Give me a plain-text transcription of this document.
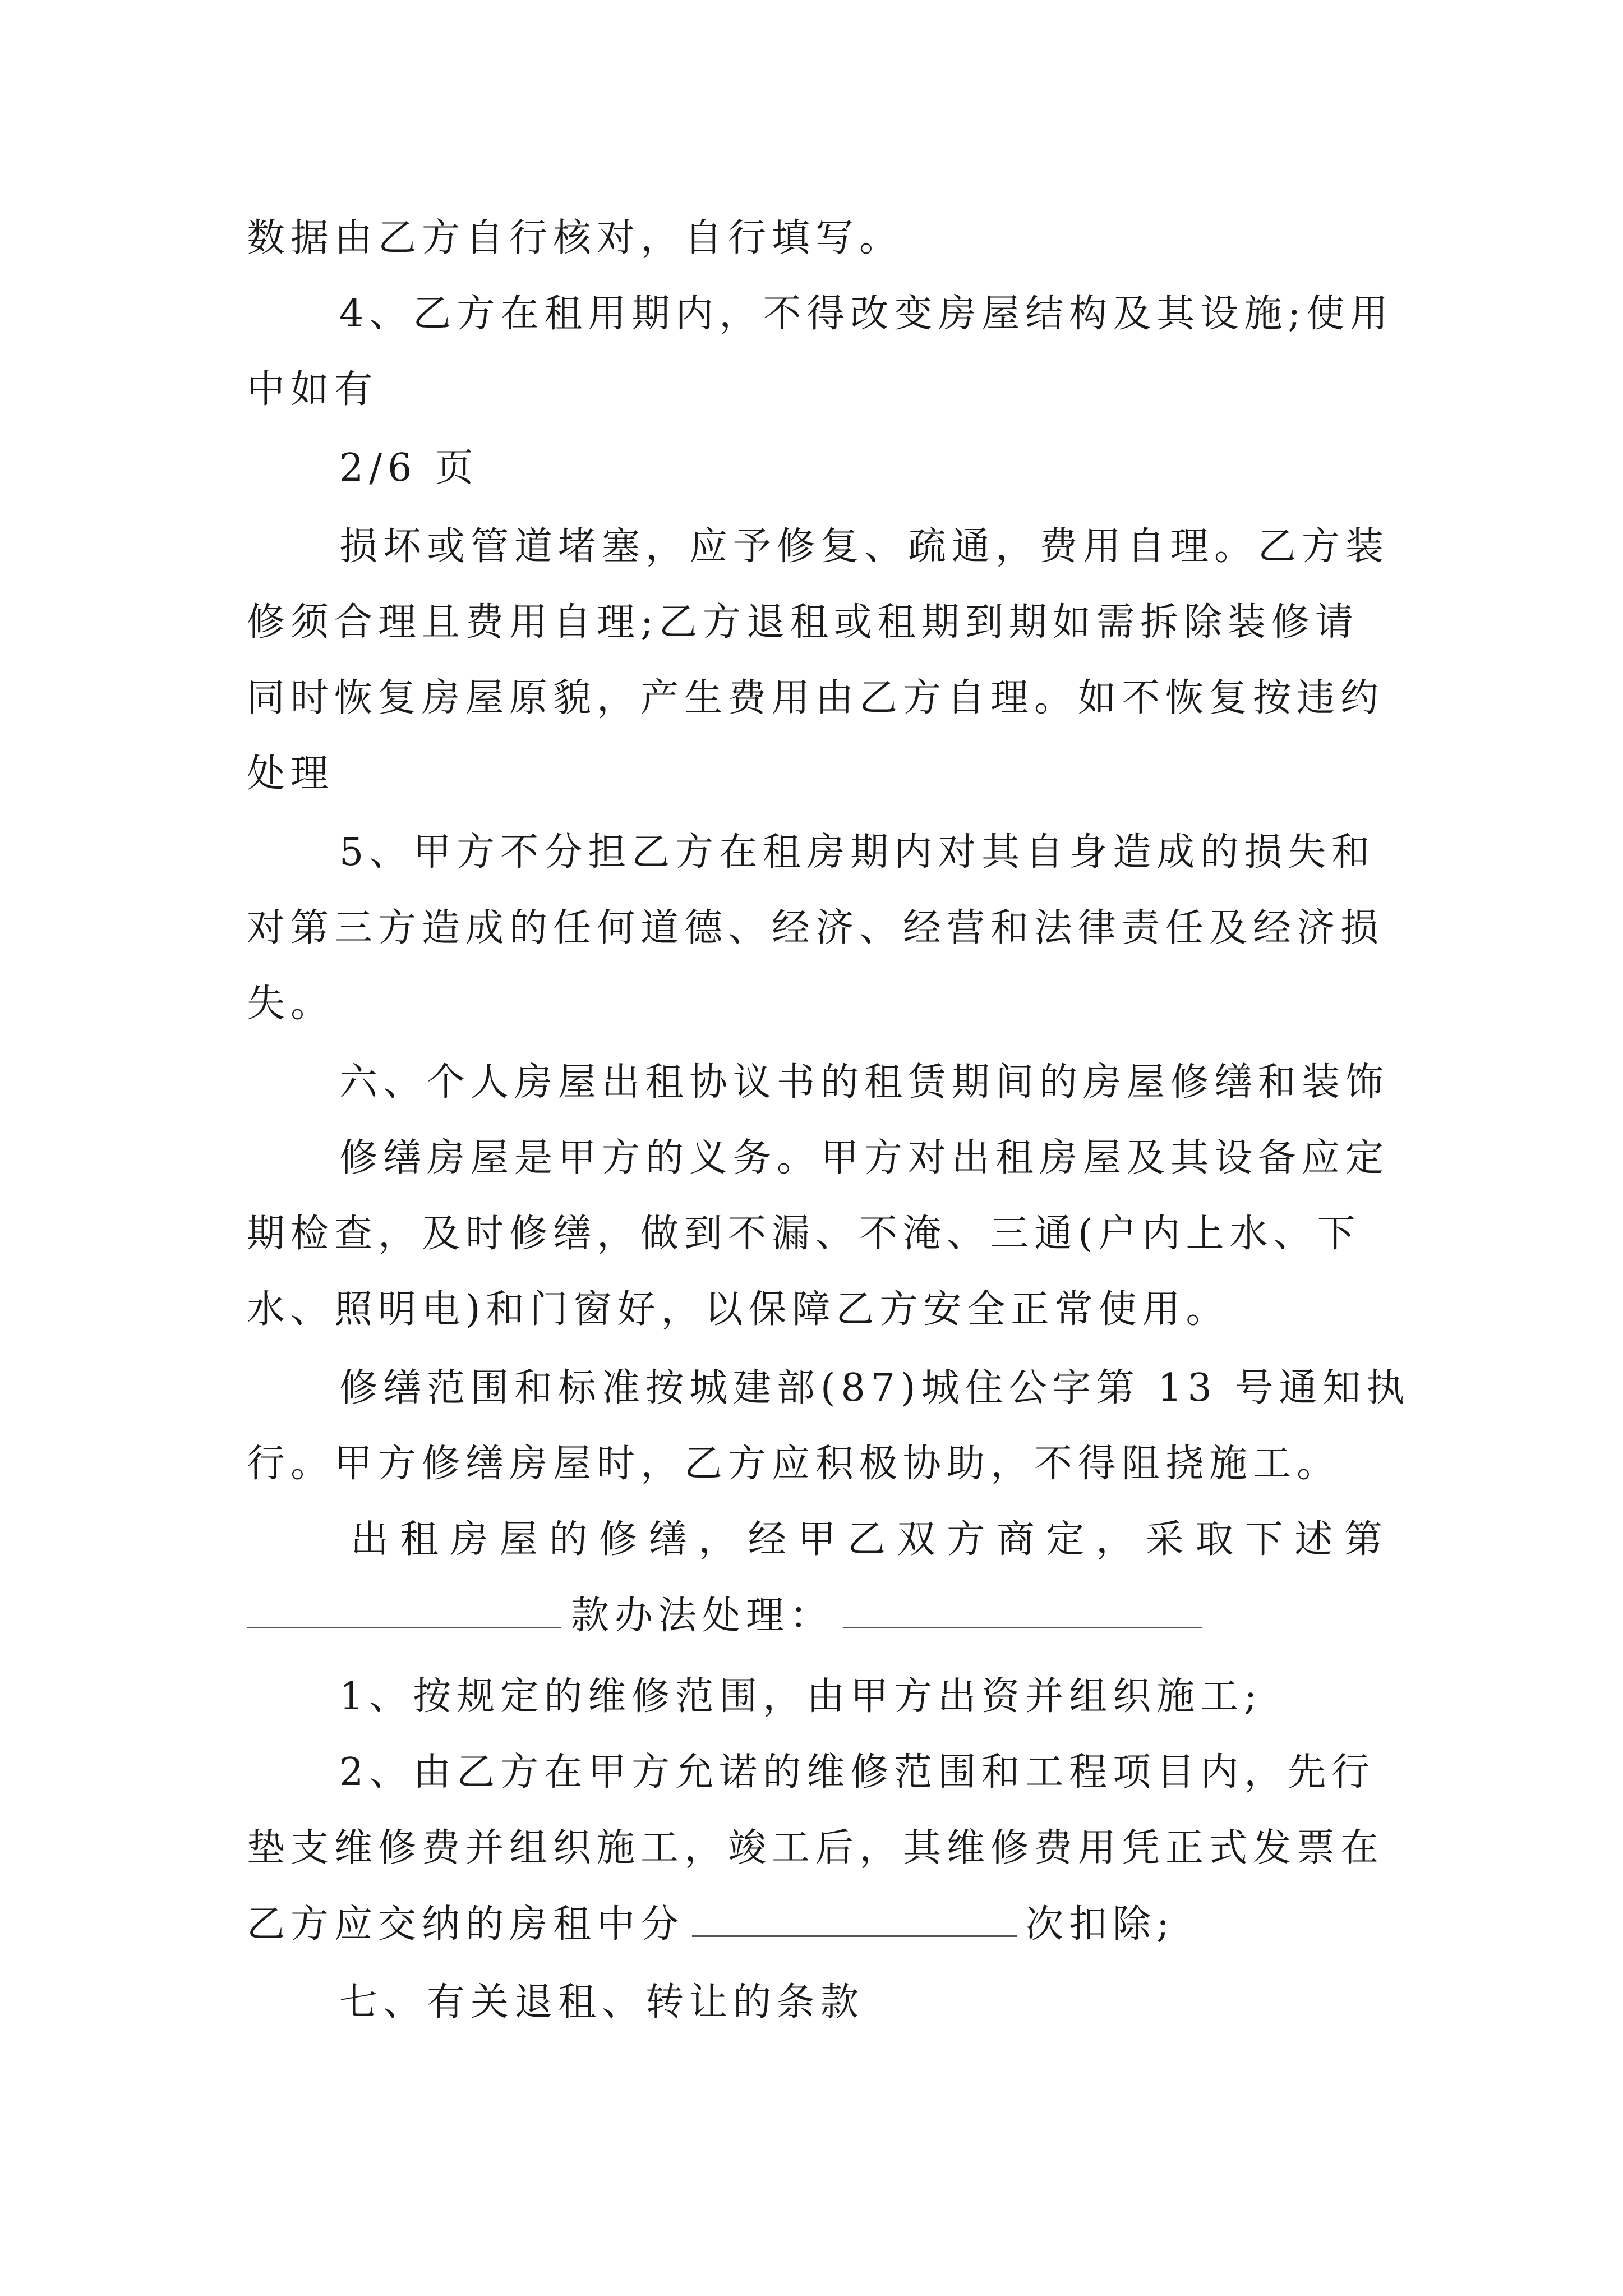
数据由乙方自行核对，自行填写。
4、乙方在租用期内，不得改变房屋结构及其设施;使用
中如有
2/6 页
损坏或管道堵塞，应予修复、疏通，费用自理。乙方装
修须合理且费用自理;乙方退租或租期到期如需拆除装修请
同时恢复房屋原貌，产生费用由乙方自理。如不恢复按违约
处理
5、甲方不分担乙方在租房期内对其自身造成的损失和
对第三方造成的任何道德、经济、经营和法律责任及经济损
失。
六、个人房屋出租协议书的租赁期间的房屋修缮和装饰
修缮房屋是甲方的义务。甲方对出租房屋及其设备应定
期检查，及时修缮，做到不漏、不淹、三通(户内上水、下
水、照明电)和门窗好，以保障乙方安全正常使用。
修缮范围和标准按城建部(87)城住公字第 13 号通知执
行。甲方修缮房屋时，乙方应积极协助，不得阻挠施工。
出租房屋的修缮，经甲乙双方商定，采取下述第
款办法处理：
1、按规定的维修范围，由甲方出资并组织施工;
2、由乙方在甲方允诺的维修范围和工程项目内，先行
垫支维修费并组织施工，竣工后，其维修费用凭正式发票在
乙方应交纳的房租中分	次扣除;
七、有关退租、转让的条款
